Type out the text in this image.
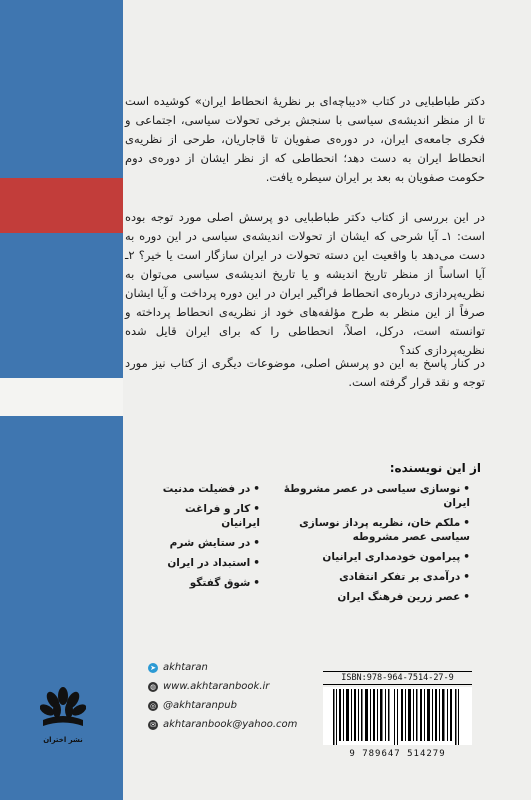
دکتر طباطبایی در کتاب «دیباچه‌ای بر نظریهٔ انحطاط ایران» کوشیده است تا از منظر اندیشه‌ی سیاسی با سنجش برخی تحولات سیاسی، اجتماعی و فکری جامعه‌ی ایران، در دوره‌ی صفویان تا قاجاریان، طرحی از نظریه‌ی انحطاط ایران به دست دهد؛ انحطاطی که از نظر ایشان از دوره‌ی دوم حکومت صفویان به بعد بر ایران سیطره یافت.

در این بررسی از کتاب دکتر طباطبایی دو پرسش اصلی مورد توجه بوده است: ۱ـ آیا شرحی که ایشان از تحولات اندیشه‌ی سیاسی در این دوره به دست می‌دهد با واقعیت این دسته تحولات در ایران سازگار است یا خیر؟ ۲ـ آیا اساساً از منظر تاریخ اندیشه و یا تاریخ اندیشه‌ی سیاسی می‌توان به نظریه‌پردازی درباره‌ی انحطاط فراگیر ایران در این دوره پرداخت و آیا ایشان صرفاً از این منظر به طرح مؤلفه‌های خود از نظریه‌ی انحطاط پرداخته و توانسته است، درکل، اصلاً، انحطاطی را که برای ایران قایل شده نظریه‌پردازی کند؟

در کنار پاسخ به این دو پرسش اصلی، موضوعات دیگری از کتاب نیز مورد توجه و نقد قرار گرفته است.

از این نویسنده:
• نوسازی سیاسی در عصر مشروطهٔ ایران
• ملکم خان، نظریه پرداز نوسازی سیاسی عصر مشروطه
• پیرامون خودمداری ایرانیان
• درآمدی بر تفکر انتقادی
• عصر زرین فرهنگ ایران
• در فضیلت مدنیت
• کار و فراغت ایرانیان
• در ستایش شرم
• استبداد در ایران
• شوق گفتگو
➤ akhtaran
◍ www.akhtaranbook.ir
◎ @akhtaranpub
✉ akhtaranbook@yahoo.com
نشر اختران
ISBN:978-964-7514-27-9
9 789647 514279
